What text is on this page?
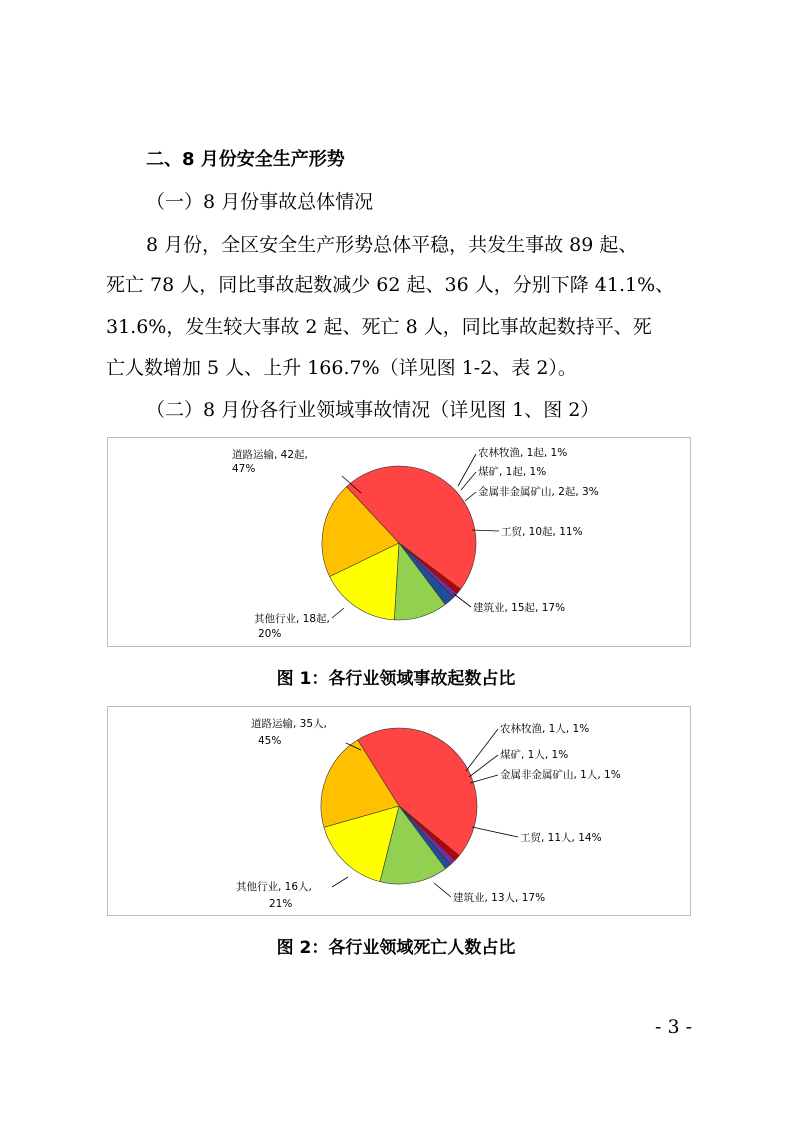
二、8 月份安全生产形势
（一）8 月份事故总体情况
8 月份，全区安全生产形势总体平稳，共发生事故 89 起、
死亡 78 人，同比事故起数减少 62 起、36 人，分别下降 41.1%、
31.6%，发生较大事故 2 起、死亡 8 人，同比事故起数持平、死
亡人数增加 5 人、上升 166.7%（详见图 1-2、表 2）。
（二）8 月份各行业领域事故情况（详见图 1、图 2）
道路运输, 42起,
47%
农林牧渔, 1起, 1%
煤矿, 1起, 1%
金属非金属矿山, 2起, 3%
工贸, 10起, 11%
建筑业, 15起, 17%
其他行业, 18起,
20%
图 1：各行业领域事故起数占比
道路运输, 35人,
45%
农林牧渔, 1人, 1%
煤矿, 1人, 1%
金属非金属矿山, 1人, 1%
工贸, 11人, 14%
建筑业, 13人, 17%
其他行业, 16人,
21%
图 2：各行业领域死亡人数占比
- 3 -
